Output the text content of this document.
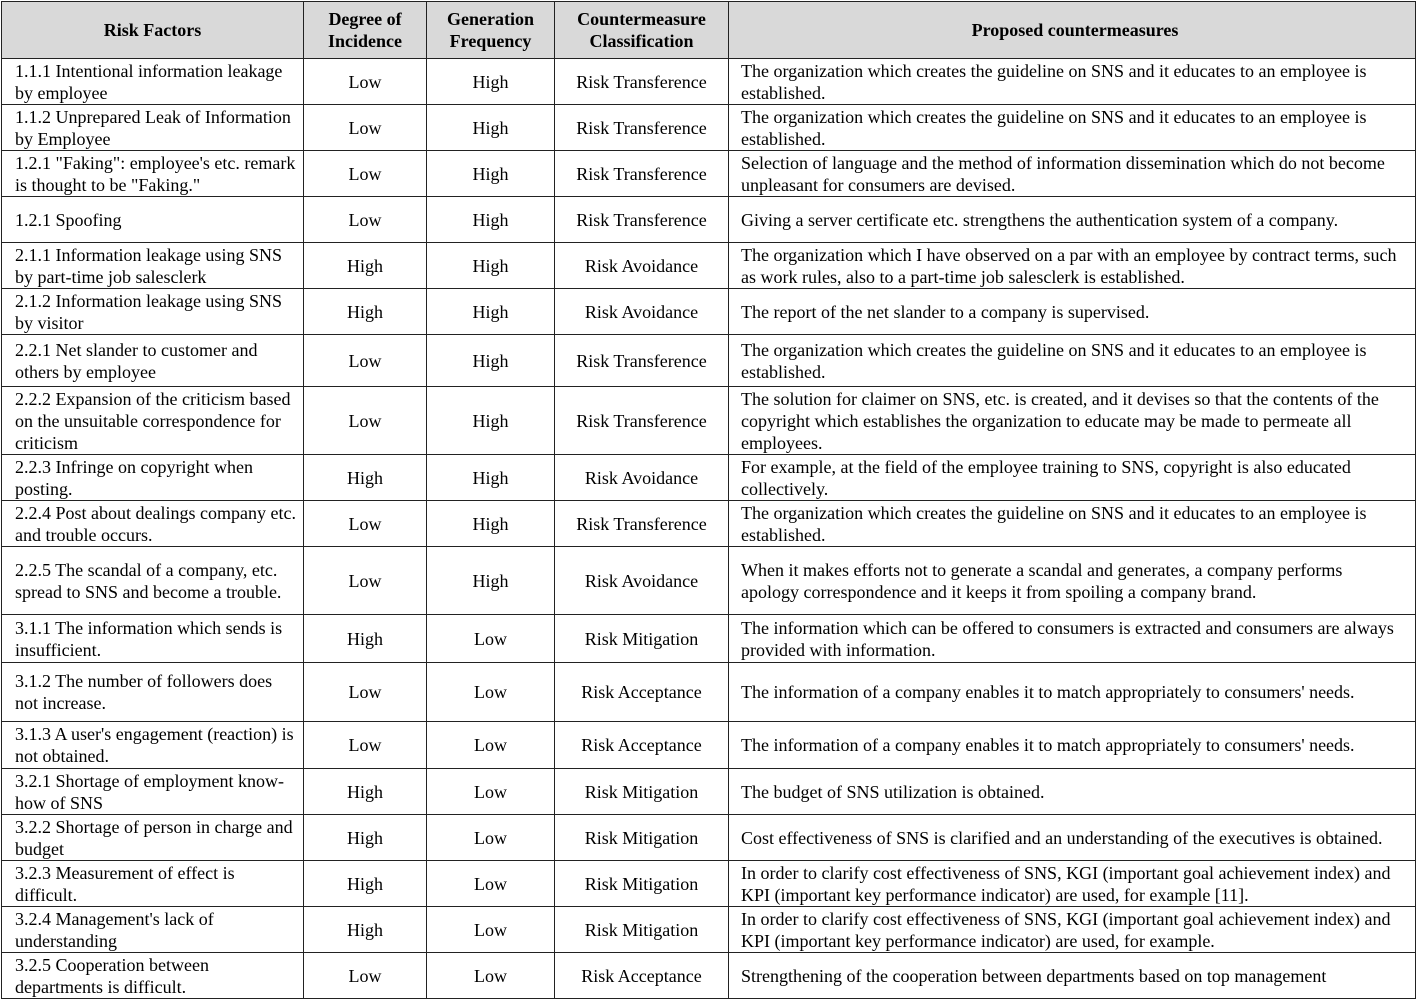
Risk Factors	Degree of Incidence	Generation Frequency	Countermeasure Classification	Proposed countermeasures
1.1.1 Intentional information leakage by employee	Low	High	Risk Transference	The organization which creates the guideline on SNS and it educates to an employee is established.
1.1.2 Unprepared Leak of Information by Employee	Low	High	Risk Transference	The organization which creates the guideline on SNS and it educates to an employee is established.
1.2.1 "Faking": employee's etc. remark is thought to be "Faking."	Low	High	Risk Transference	Selection of language and the method of information dissemination which do not become unpleasant for consumers are devised.
1.2.1 Spoofing	Low	High	Risk Transference	Giving a server certificate etc. strengthens the authentication system of a company.
2.1.1 Information leakage using SNS by part-time job salesclerk	High	High	Risk Avoidance	The organization which I have observed on a par with an employee by contract terms, such as work rules, also to a part-time job salesclerk is established.
2.1.2 Information leakage using SNS by visitor	High	High	Risk Avoidance	The report of the net slander to a company is supervised.
2.2.1 Net slander to customer and others by employee	Low	High	Risk Transference	The organization which creates the guideline on SNS and it educates to an employee is established.
2.2.2 Expansion of the criticism based on the unsuitable correspondence for criticism	Low	High	Risk Transference	The solution for claimer on SNS, etc. is created, and it devises so that the contents of the copyright which establishes the organization to educate may be made to permeate all employees.
2.2.3 Infringe on copyright when posting.	High	High	Risk Avoidance	For example, at the field of the employee training to SNS, copyright is also educated collectively.
2.2.4 Post about dealings company etc. and trouble occurs.	Low	High	Risk Transference	The organization which creates the guideline on SNS and it educates to an employee is established.
2.2.5 The scandal of a company, etc. spread to SNS and become a trouble.	Low	High	Risk Avoidance	When it makes efforts not to generate a scandal and generates, a company performs apology correspondence and it keeps it from spoiling a company brand.
3.1.1 The information which sends is insufficient.	High	Low	Risk Mitigation	The information which can be offered to consumers is extracted and consumers are always provided with information.
3.1.2 The number of followers does not increase.	Low	Low	Risk Acceptance	The information of a company enables it to match appropriately to consumers' needs.
3.1.3 A user's engagement (reaction) is not obtained.	Low	Low	Risk Acceptance	The information of a company enables it to match appropriately to consumers' needs.
3.2.1 Shortage of employment know-how of SNS	High	Low	Risk Mitigation	The budget of SNS utilization is obtained.
3.2.2 Shortage of person in charge and budget	High	Low	Risk Mitigation	Cost effectiveness of SNS is clarified and an understanding of the executives is obtained.
3.2.3 Measurement of effect is difficult.	High	Low	Risk Mitigation	In order to clarify cost effectiveness of SNS, KGI (important goal achievement index) and KPI (important key performance indicator) are used, for example [11].
3.2.4 Management's lack of understanding	High	Low	Risk Mitigation	In order to clarify cost effectiveness of SNS, KGI (important goal achievement index) and KPI (important key performance indicator) are used, for example.
3.2.5 Cooperation between departments is difficult.	Low	Low	Risk Acceptance	Strengthening of the cooperation between departments based on top management
